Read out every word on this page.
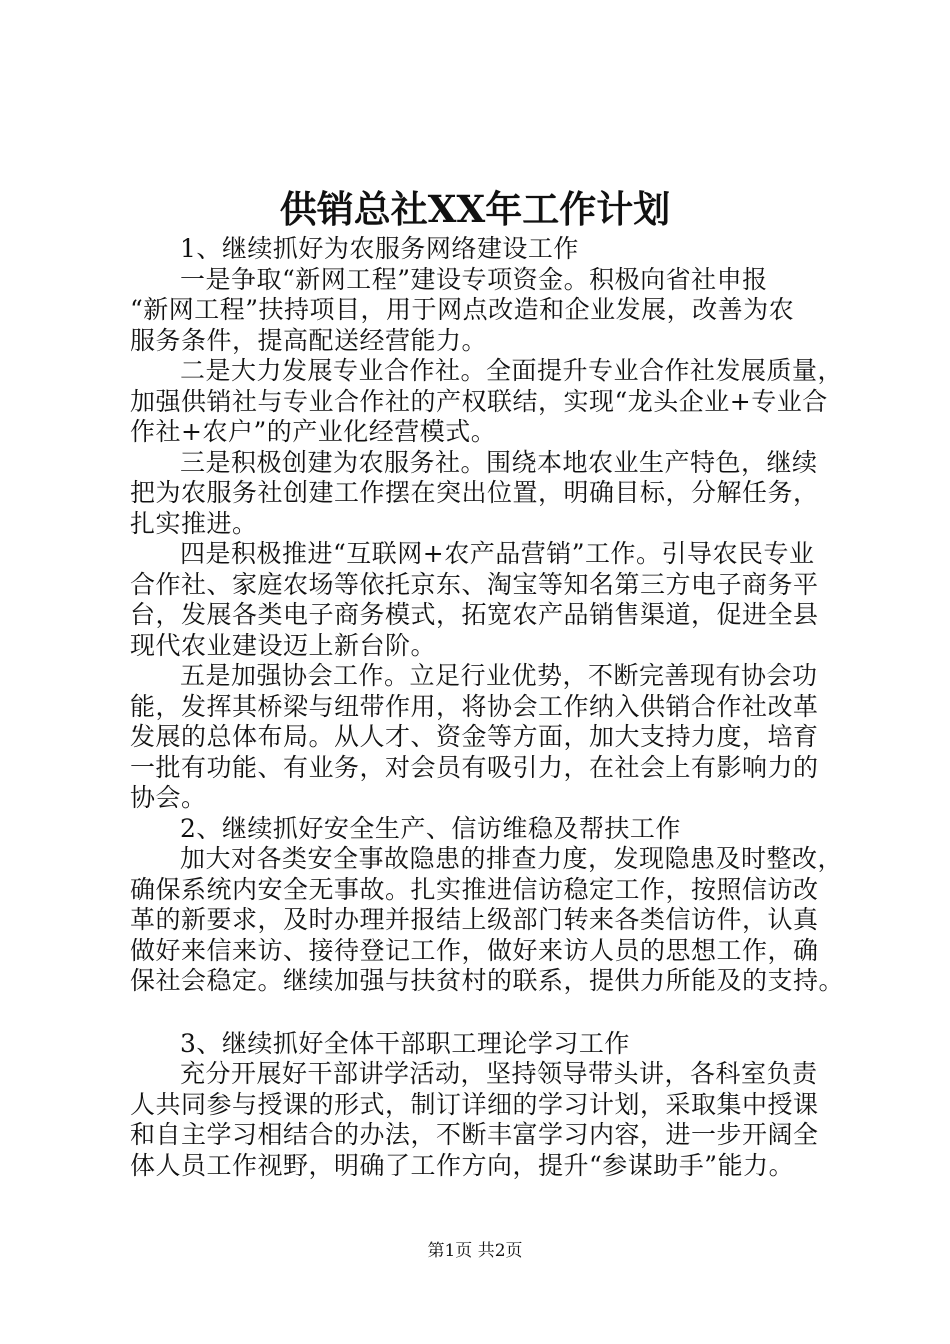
供销总社XX年工作计划
1、继续抓好为农服务网络建设工作
一是争取“新网工程”建设专项资金。积极向省社申报
“新网工程”扶持项目，用于网点改造和企业发展，改善为农
服务条件，提高配送经营能力。
二是大力发展专业合作社。全面提升专业合作社发展质量，
加强供销社与专业合作社的产权联结，实现“龙头企业+专业合
作社+农户”的产业化经营模式。
三是积极创建为农服务社。围绕本地农业生产特色，继续
把为农服务社创建工作摆在突出位置，明确目标，分解任务，
扎实推进。
四是积极推进“互联网+农产品营销”工作。引导农民专业
合作社、家庭农场等依托京东、淘宝等知名第三方电子商务平
台，发展各类电子商务模式，拓宽农产品销售渠道，促进全县
现代农业建设迈上新台阶。
五是加强协会工作。立足行业优势，不断完善现有协会功
能，发挥其桥梁与纽带作用，将协会工作纳入供销合作社改革
发展的总体布局。从人才、资金等方面，加大支持力度，培育
一批有功能、有业务，对会员有吸引力，在社会上有影响力的
协会。
2、继续抓好安全生产、信访维稳及帮扶工作
加大对各类安全事故隐患的排查力度，发现隐患及时整改，
确保系统内安全无事故。扎实推进信访稳定工作，按照信访改
革的新要求，及时办理并报结上级部门转来各类信访件，认真
做好来信来访、接待登记工作，做好来访人员的思想工作，确
保社会稳定。继续加强与扶贫村的联系，提供力所能及的支持。
3、继续抓好全体干部职工理论学习工作
充分开展好干部讲学活动，坚持领导带头讲，各科室负责
人共同参与授课的形式，制订详细的学习计划，采取集中授课
和自主学习相结合的办法，不断丰富学习内容，进一步开阔全
体人员工作视野，明确了工作方向，提升“参谋助手”能力。
第1页 共2页
